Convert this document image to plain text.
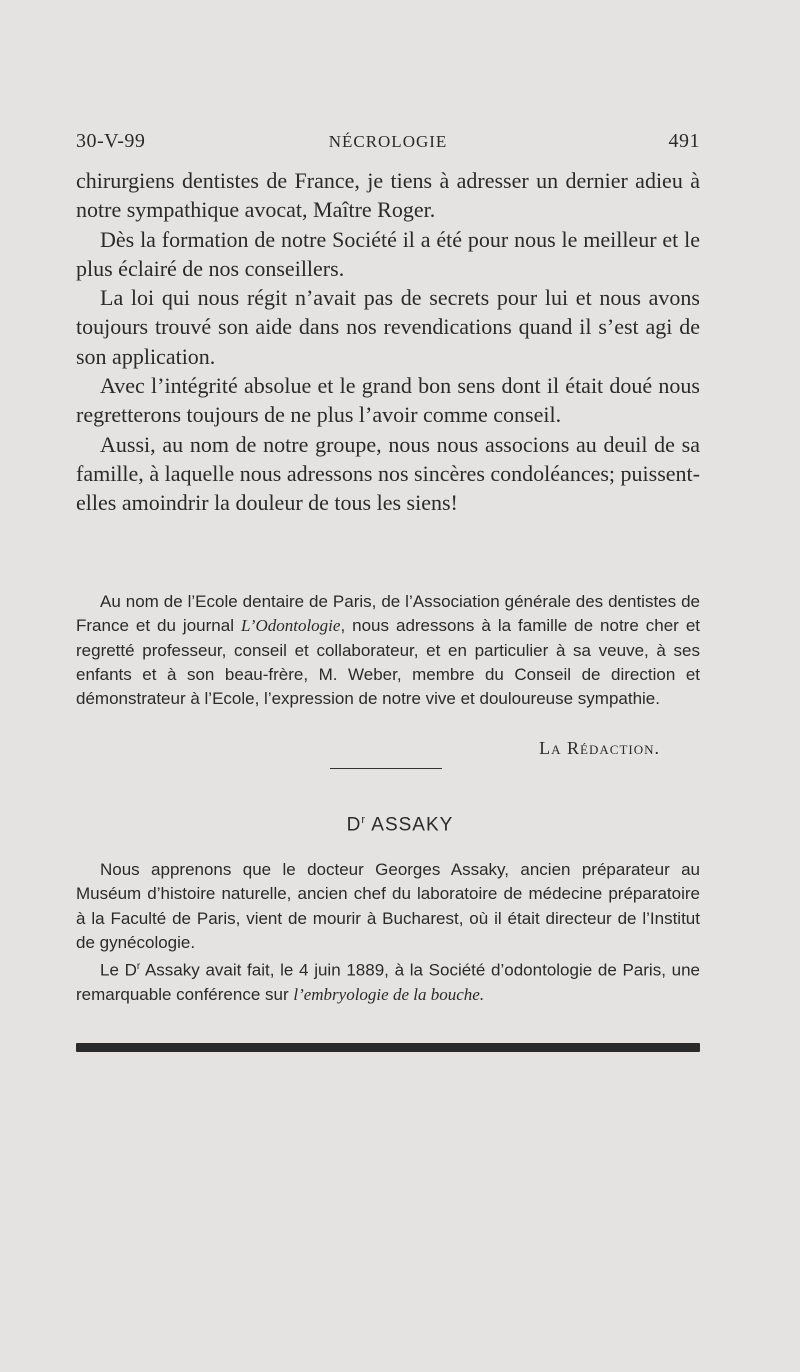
30-V-99	NÉCROLOGIE	491

chirurgiens dentistes de France, je tiens à adresser un dernier adieu à notre sympathique avocat, Maître Roger.

Dès la formation de notre Société il a été pour nous le meilleur et le plus éclairé de nos conseillers.

La loi qui nous régit n’avait pas de secrets pour lui et nous avons toujours trouvé son aide dans nos revendications quand il s’est agi de son application.

Avec l’intégrité absolue et le grand bon sens dont il était doué nous regretterons toujours de ne plus l’avoir comme conseil.

Aussi, au nom de notre groupe, nous nous associons au deuil de sa famille, à laquelle nous adressons nos sincères condoléances; puissent-elles amoindrir la douleur de tous les siens!

Au nom de l’Ecole dentaire de Paris, de l’Association générale des dentistes de France et du journal L’Odontologie, nous adressons à la famille de notre cher et regretté professeur, conseil et collaborateur, et en particulier à sa veuve, à ses enfants et à son beau-frère, M. Weber, membre du Conseil de direction et démonstrateur à l’Ecole, l’expression de notre vive et douloureuse sympathie.

La Rédaction.
$D^r$ ASSAKY

Nous apprenons que le docteur Georges Assaky, ancien préparateur au Muséum d’histoire naturelle, ancien chef du laboratoire de médecine préparatoire à la Faculté de Paris, vient de mourir à Bucharest, où il était directeur de l’Institut de gynécologie.

Le $D^r$ Assaky avait fait, le 4 juin 1889, à la Société d’odontologie de Paris, une remarquable conférence sur l’embryologie de la bouche.
